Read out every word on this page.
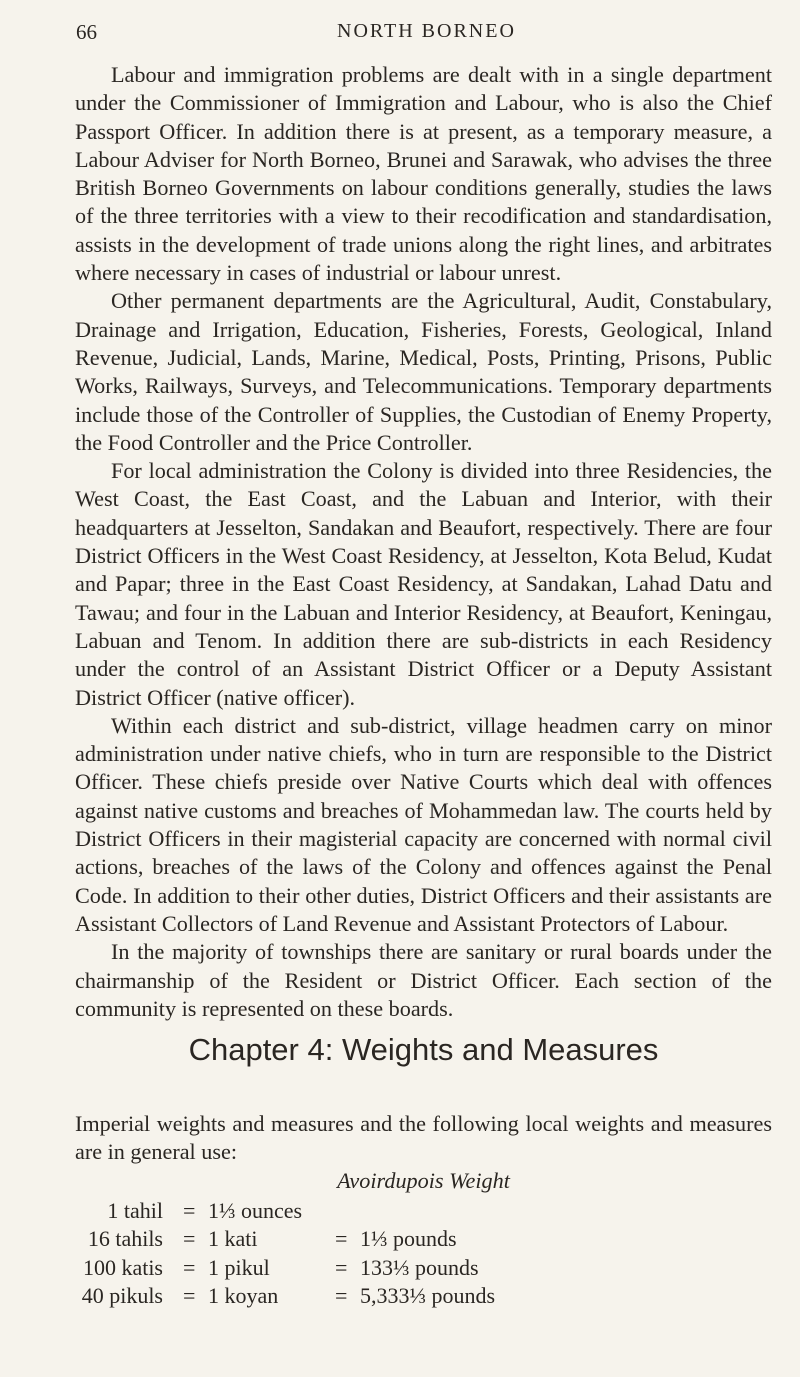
66	NORTH BORNEO

Labour and immigration problems are dealt with in a single department under the Commissioner of Immigration and Labour, who is also the Chief Passport Officer. In addition there is at present, as a temporary measure, a Labour Adviser for North Borneo, Brunei and Sarawak, who advises the three British Borneo Governments on labour conditions generally, studies the laws of the three territories with a view to their recodification and standardisation, assists in the development of trade unions along the right lines, and arbitrates where necessary in cases of industrial or labour unrest.

Other permanent departments are the Agricultural, Audit, Constabulary, Drainage and Irrigation, Education, Fisheries, Forests, Geological, Inland Revenue, Judicial, Lands, Marine, Medical, Posts, Printing, Prisons, Public Works, Railways, Surveys, and Telecommunications. Temporary departments include those of the Controller of Supplies, the Custodian of Enemy Property, the Food Controller and the Price Controller.

For local administration the Colony is divided into three Residencies, the West Coast, the East Coast, and the Labuan and Interior, with their headquarters at Jesselton, Sandakan and Beaufort, respectively. There are four District Officers in the West Coast Residency, at Jesselton, Kota Belud, Kudat and Papar; three in the East Coast Residency, at Sandakan, Lahad Datu and Tawau; and four in the Labuan and Interior Residency, at Beaufort, Keningau, Labuan and Tenom. In addition there are sub-districts in each Residency under the control of an Assistant District Officer or a Deputy Assistant District Officer (native officer).

Within each district and sub-district, village headmen carry on minor administration under native chiefs, who in turn are responsible to the District Officer. These chiefs preside over Native Courts which deal with offences against native customs and breaches of Mohammedan law. The courts held by District Officers in their magisterial capacity are concerned with normal civil actions, breaches of the laws of the Colony and offences against the Penal Code. In addition to their other duties, District Officers and their assistants are Assistant Collectors of Land Revenue and Assistant Protectors of Labour.

In the majority of townships there are sanitary or rural boards under the chairmanship of the Resident or District Officer. Each section of the community is represented on these boards.

Chapter 4: Weights and Measures
Imperial weights and measures and the following local weights and measures are in general use:
Avoirdupois Weight
1 tahil = 1⅓ ounces
16 tahils = 1 kati	= 1⅓ pounds
100 katis = 1 pikul	= 133⅓ pounds
40 pikuls = 1 koyan	= 5,333⅓ pounds
